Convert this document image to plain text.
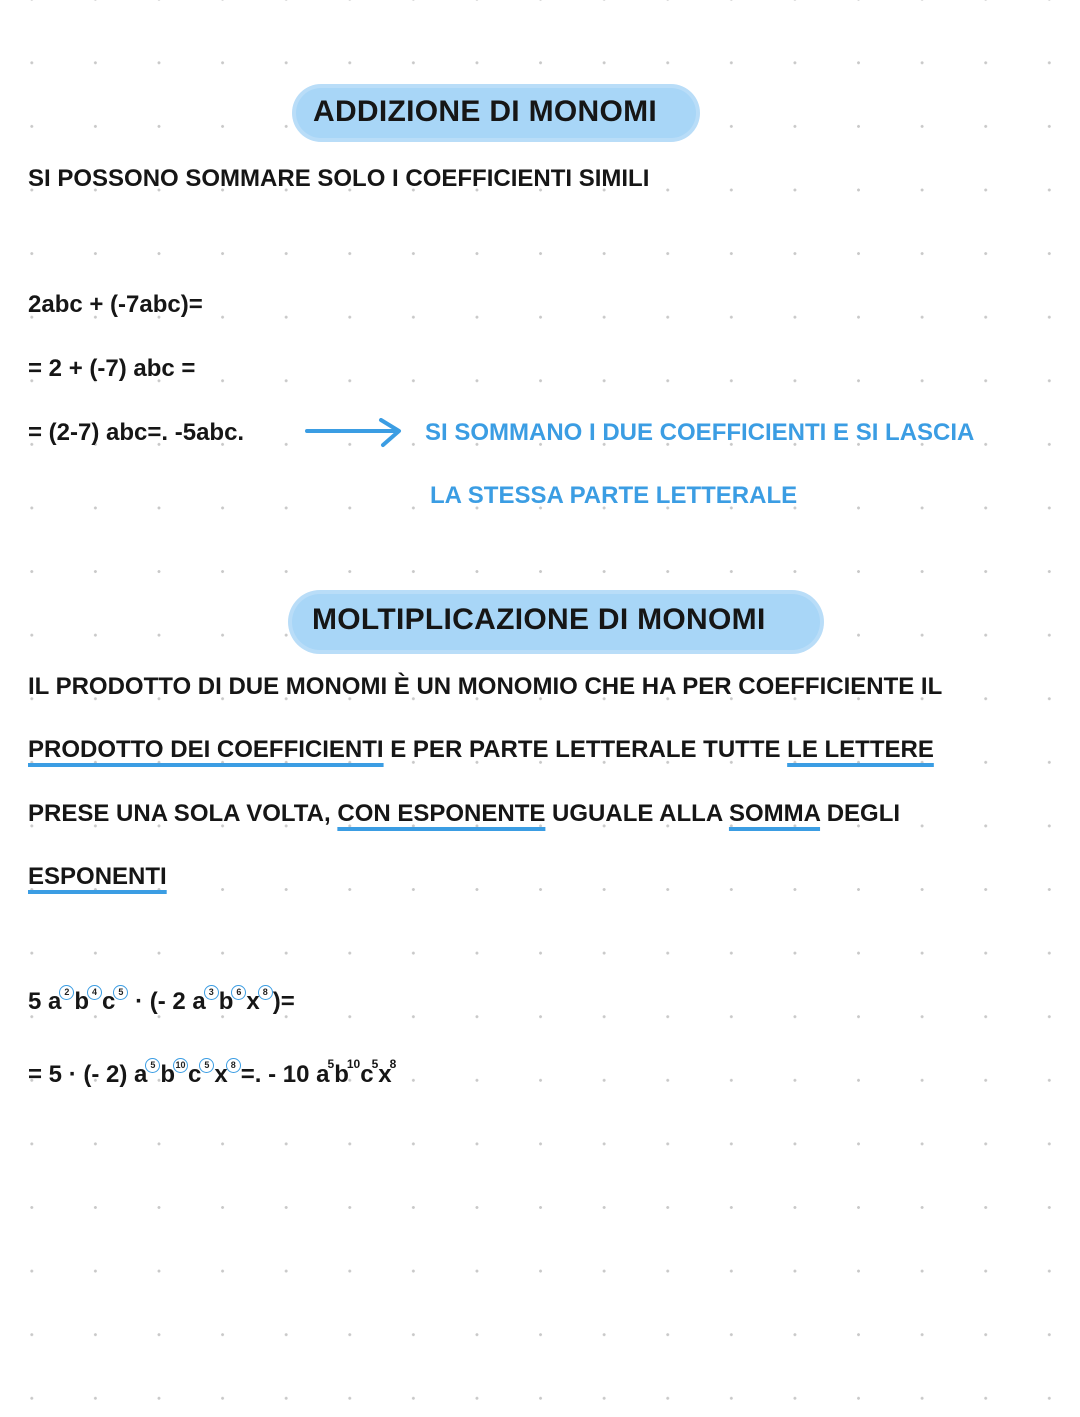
ADDIZIONE DI MONOMI
SI POSSONO SOMMARE SOLO I COEFFICIENTI SIMILI
2abc + (-7abc)=
= 2 + (-7) abc =
= (2-7) abc=. -5abc.	SI SOMMANO I DUE COEFFICIENTI E SI LASCIA
LA STESSA PARTE LETTERALE
MOLTIPLICAZIONE DI MONOMI
IL PRODOTTO DI DUE MONOMI È UN MONOMIO CHE HA PER COEFFICIENTE IL
PRODOTTO DEI COEFFICIENTI E PER PARTE LETTERALE TUTTE LE LETTERE
PRESE UNA SOLA VOLTA, CON ESPONENTE UGUALE ALLA SOMMA DEGLI
ESPONENTI
5 a $^2$ b $^4$ c $^5$ · (- 2 a $^3$ b $^6$ x $^8$ )=
= 5 · (- 2) a $^5$ $b^{10}$ c $^5$ x $^8$ =. - 10 $a^5b^{10}c^5x^8$
